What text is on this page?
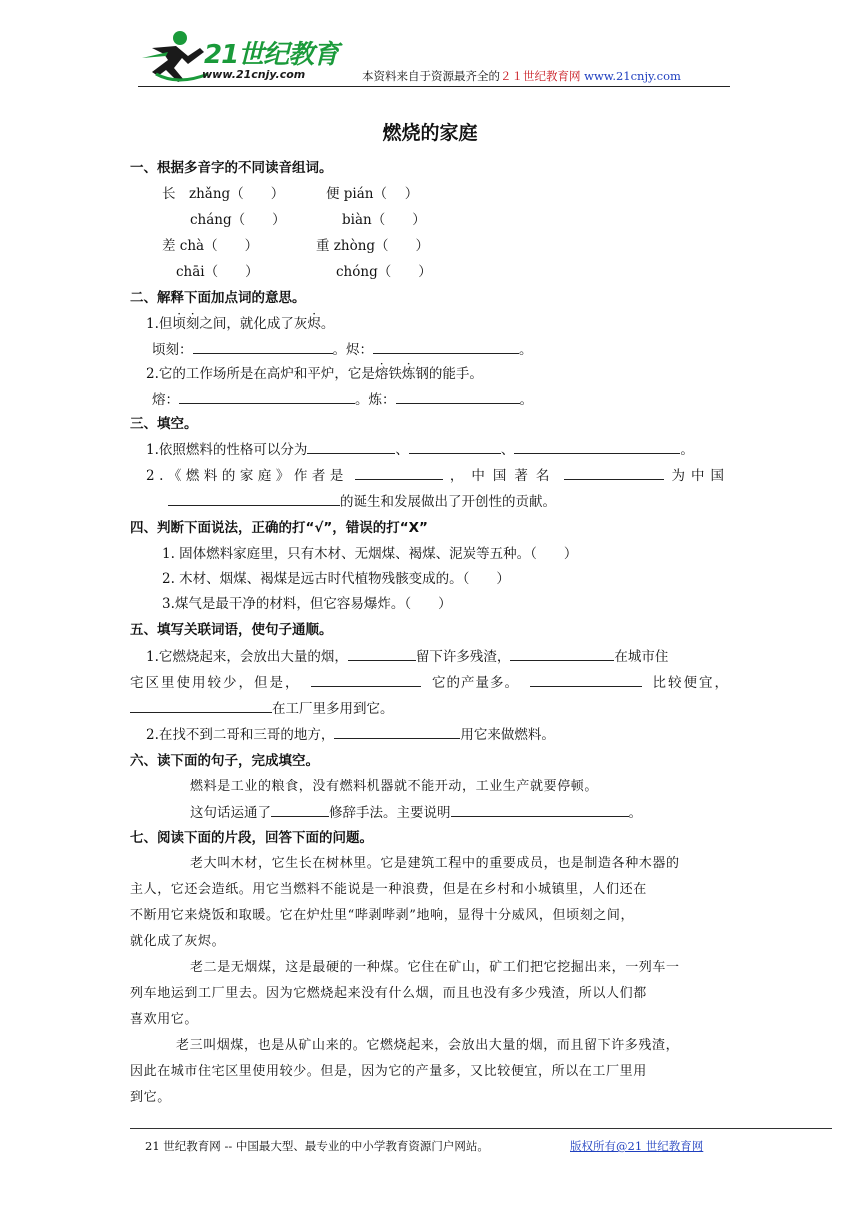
21世纪教育
www.21cnjy.com	本资料来自于资源最齐全的２１世纪教育网 www.21cnjy.com
燃烧的家庭
一、根据多音字的不同读音组词。
长　zhǎng（　　）	便 pián（　 ）
cháng（　　）	biàn（　　）
差 chà（　　）	重 zhòng（　　）
chāi（　　）	chóng（　　）
二、解释下面加点词的意思。
1.但顷刻之间，就化成了灰烬。
顷刻：	。烬：	。
2.它的工作场所是在高炉和平炉，它是熔铁炼钢的能手。
熔：	。炼：	。
三、填空。
1.依照燃料的性格可以分为	、	、	。
2.《燃料的家庭》作者是	，中国著名	为中国
的诞生和发展做出了开创性的贡献。
四、判断下面说法，正确的打“√”，错误的打“X”
1. 固体燃料家庭里，只有木材、无烟煤、褐煤、泥炭等五种。（　　）
2. 木材、烟煤、褐煤是远古时代植物残骸变成的。（　　）
3.煤气是最干净的材料，但它容易爆炸。（　　）
五、填写关联词语，使句子通顺。
1.它燃烧起来，会放出大量的烟，	留下许多残渣，	在城市住
宅区里使用较少，但是，	它的产量多。	比较便宜，
在工厂里多用到它。
2.在找不到二哥和三哥的地方，	用它来做燃料。
六、读下面的句子，完成填空。
燃料是工业的粮食，没有燃料机器就不能开动，工业生产就要停顿。
这句话运通了	修辞手法。主要说明	。
七、阅读下面的片段，回答下面的问题。
老大叫木材，它生长在树林里。它是建筑工程中的重要成员，也是制造各种木器的
主人，它还会造纸。用它当燃料不能说是一种浪费，但是在乡村和小城镇里，人们还在
不断用它来烧饭和取暖。它在炉灶里“哔剥哔剥”地响，显得十分威风，但顷刻之间，
就化成了灰烬。
老二是无烟煤，这是最硬的一种煤。它住在矿山，矿工们把它挖掘出来，一列车一
列车地运到工厂里去。因为它燃烧起来没有什么烟，而且也没有多少残渣，所以人们都
喜欢用它。
老三叫烟煤，也是从矿山来的。它燃烧起来，会放出大量的烟，而且留下许多残渣，
因此在城市住宅区里使用较少。但是，因为它的产量多，又比较便宜，所以在工厂里用
到它。
21 世纪教育网 -- 中国最大型、最专业的中小学教育资源门户网站。	版权所有@21 世纪教育网
